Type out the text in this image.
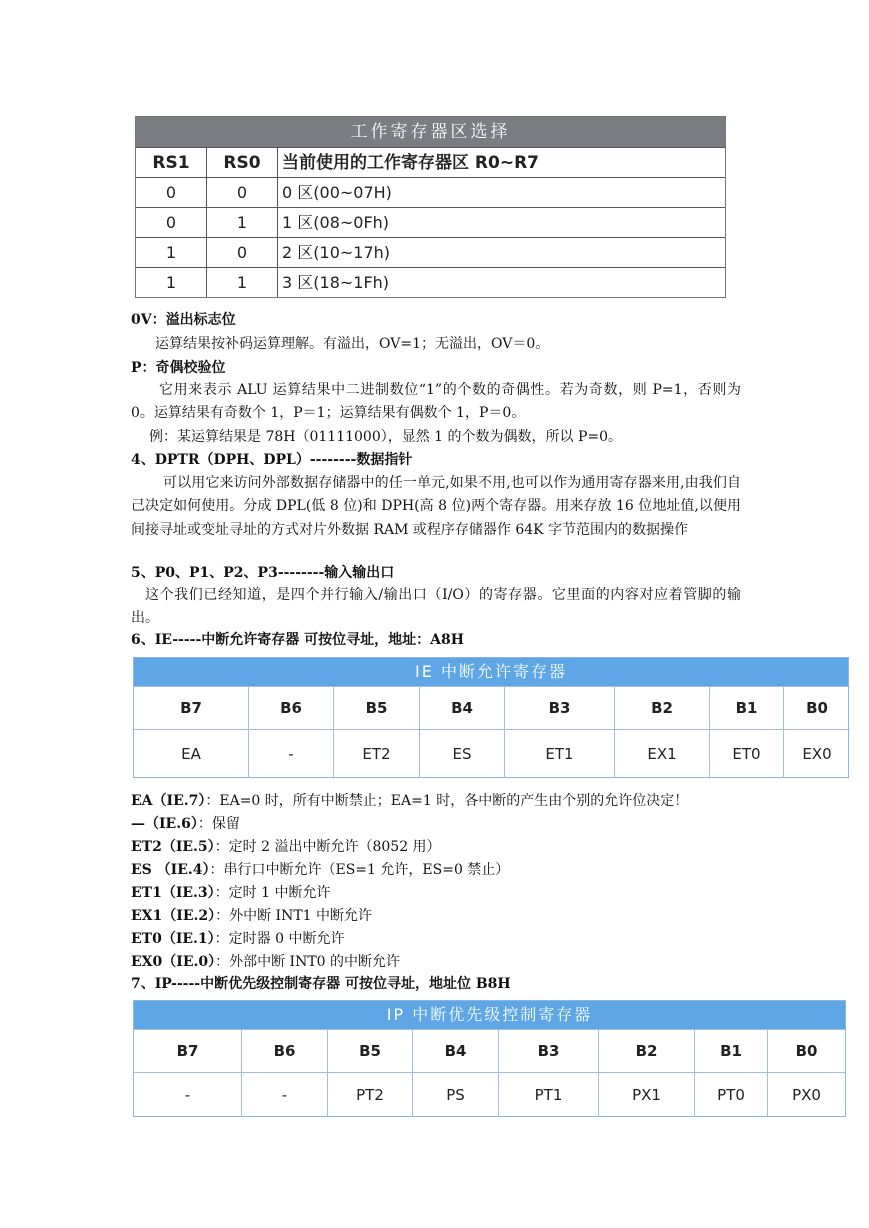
工作寄存器区选择
RS1	RS0	当前使用的工作寄存器区 R0~R7
0	0	0 区(00~07H)
0	1	1 区(08~0Fh)
1	0	2 区(10~17h)
1	1	3 区(18~1Fh)
0V：溢出标志位
运算结果按补码运算理解。有溢出，OV=1；无溢出，OV＝0。
P：奇偶校验位
它用来表示 ALU 运算结果中二进制数位“1”的个数的奇偶性。若为奇数，则 P=1，否则为 0。运算结果有奇数个 1，P＝1；运算结果有偶数个 1，P＝0。
例：某运算结果是 78H（01111000），显然 1 的个数为偶数，所以 P=0。
4、DPTR（DPH、DPL）--------数据指针
可以用它来访问外部数据存储器中的任一单元,如果不用,也可以作为通用寄存器来用,由我们自己决定如何使用。分成 DPL(低 8 位)和 DPH(高 8 位)两个寄存器。用来存放 16 位地址值,以便用间接寻址或变址寻址的方式对片外数据 RAM 或程序存储器作 64K 字节范围内的数据操作
5、P0、P1、P2、P3--------输入输出口
这个我们已经知道，是四个并行输入/输出口（I/O）的寄存器。它里面的内容对应着管脚的输出。
6、IE-----中断允许寄存器 可按位寻址，地址：A8H
IE 中断允许寄存器
B7	B6	B5	B4	B3	B2	B1	B0
EA	-	ET2	ES	ET1	EX1	ET0	EX0
EA（IE.7）：EA=0 时，所有中断禁止；EA=1 时，各中断的产生由个别的允许位决定！
—（IE.6）：保留
ET2（IE.5）：定时 2 溢出中断允许（8052 用）
ES （IE.4）：串行口中断允许（ES=1 允许，ES=0 禁止）
ET1（IE.3）：定时 1 中断允许
EX1（IE.2）：外中断 INT1 中断允许
ET0（IE.1）：定时器 0 中断允许
EX0（IE.0）：外部中断 INT0 的中断允许
7、IP-----中断优先级控制寄存器 可按位寻址，地址位 B8H
IP 中断优先级控制寄存器
B7	B6	B5	B4	B3	B2	B1	B0
-	-	PT2	PS	PT1	PX1	PT0	PX0
